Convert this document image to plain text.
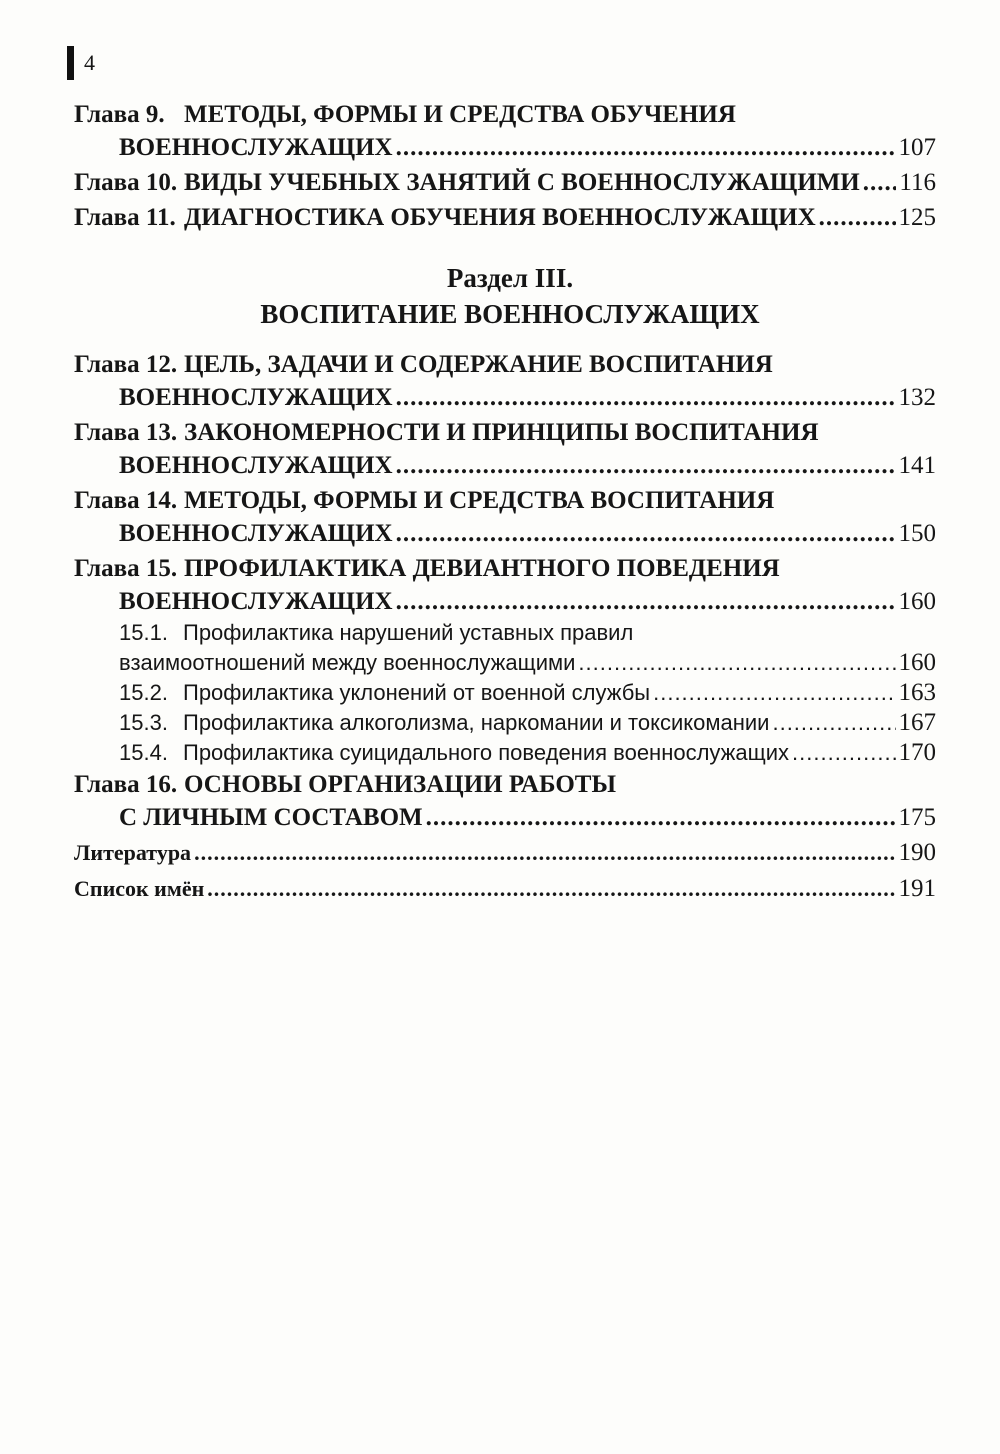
4
Глава 9. МЕТОДЫ, ФОРМЫ И СРЕДСТВА ОБУЧЕНИЯ
ВОЕННОСЛУЖАЩИХ .....	107
Глава 10. ВИДЫ УЧЕБНЫХ ЗАНЯТИЙ С ВОЕННОСЛУЖАЩИМИ ..... 116
Глава 11. ДИАГНОСТИКА ОБУЧЕНИЯ ВОЕННОСЛУЖАЩИХ .....	125
Раздел III.
ВОСПИТАНИЕ ВОЕННОСЛУЖАЩИХ
Глава 12. ЦЕЛЬ, ЗАДАЧИ И СОДЕРЖАНИЕ ВОСПИТАНИЯ
ВОЕННОСЛУЖАЩИХ .....	132
Глава 13. ЗАКОНОМЕРНОСТИ И ПРИНЦИПЫ ВОСПИТАНИЯ
ВОЕННОСЛУЖАЩИХ .....	141
Глава 14. МЕТОДЫ, ФОРМЫ И СРЕДСТВА ВОСПИТАНИЯ
ВОЕННОСЛУЖАЩИХ .....	150
Глава 15. ПРОФИЛАКТИКА ДЕВИАНТНОГО ПОВЕДЕНИЯ
ВОЕННОСЛУЖАЩИХ .....	160
15.1. Профилактика нарушений уставных правил
взаимоотношений между военнослужащими .....	160
15.2. Профилактика уклонений от военной службы .....	163
15.3. Профилактика алкоголизма, наркомании и токсикомании .....	167
15.4. Профилактика суицидального поведения военнослужащих .....	170
Глава 16. ОСНОВЫ ОРГАНИЗАЦИИ РАБОТЫ
С ЛИЧНЫМ СОСТАВОМ .....	175
Литература .....	190
Список имён .....	191
